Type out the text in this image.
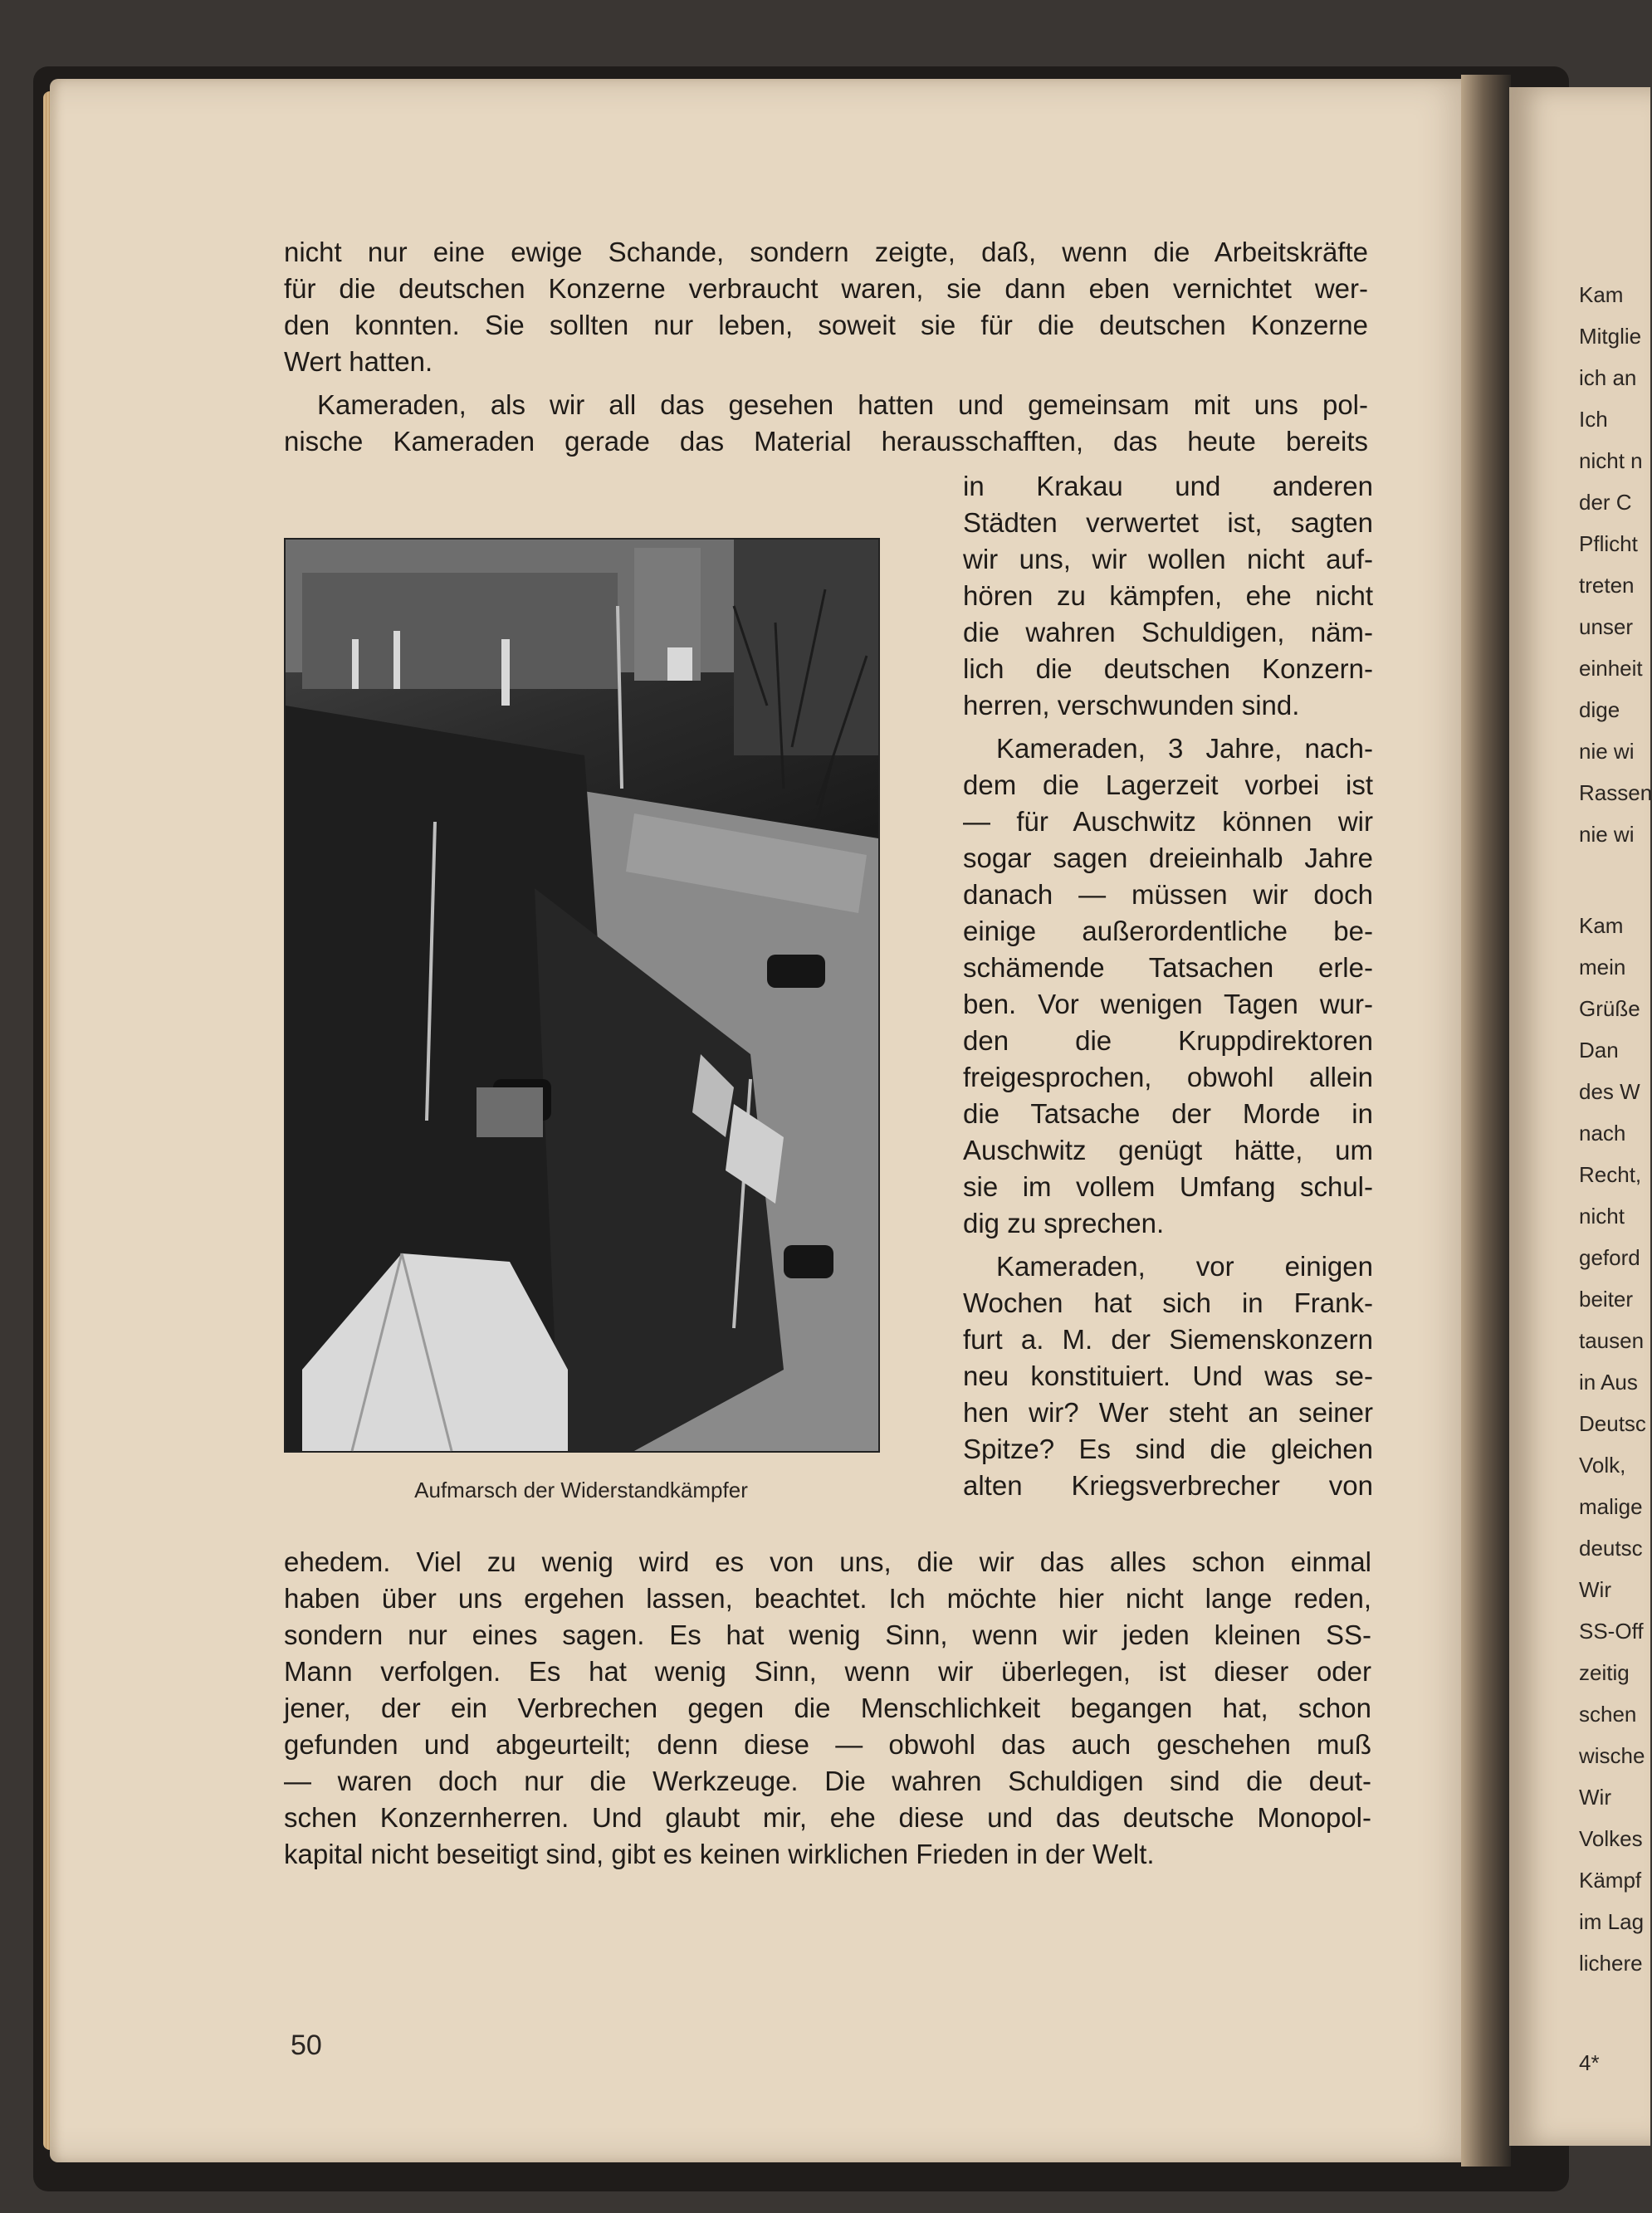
Kam
Mitglie
ich an
Ich
nicht n
der C
Pflicht
treten
unser
einheit
dige
nie wi
Rassen
nie wi
Kam
mein
Grüße
Dan
des W
nach
Recht,
nicht
geford
beiter
tausen
in Aus
Deutsc
Volk,
malige
deutsc
Wir
SS-Off
zeitig
schen
wische
Wir
Volkes
Kämpf
im Lag
lichere
4*
nicht nur eine ewige Schande, sondern zeigte, daß, wenn die Arbeitskräfte
für die deutschen Konzerne verbraucht waren, sie dann eben vernichtet wer-
den konnten. Sie sollten nur leben, soweit sie für die deutschen Konzerne
Wert hatten.
Kameraden, als wir all das gesehen hatten und gemeinsam mit uns pol-
nische Kameraden gerade das Material herausschafften, das heute bereits
in Krakau und anderen
Städten verwertet ist, sagten
wir uns, wir wollen nicht auf-
hören zu kämpfen, ehe nicht
die wahren Schuldigen, näm-
lich die deutschen Konzern-
herren, verschwunden sind.
Kameraden, 3 Jahre, nach-
dem die Lagerzeit vorbei ist
— für Auschwitz können wir
sogar sagen dreieinhalb Jahre
danach — müssen wir doch
einige außerordentliche be-
schämende Tatsachen erle-
ben. Vor wenigen Tagen wur-
den die Kruppdirektoren
freigesprochen, obwohl allein
die Tatsache der Morde in
Auschwitz genügt hätte, um
sie im vollem Umfang schul-
dig zu sprechen.
Kameraden, vor einigen
Wochen hat sich in Frank-
furt a. M. der Siemenskonzern
neu konstituiert. Und was se-
hen wir? Wer steht an seiner
Spitze? Es sind die gleichen
alten Kriegsverbrecher von
Aufmarsch der Widerstandkämpfer
ehedem. Viel zu wenig wird es von uns, die wir das alles schon einmal
haben über uns ergehen lassen, beachtet. Ich möchte hier nicht lange reden,
sondern nur eines sagen. Es hat wenig Sinn, wenn wir jeden kleinen SS-
Mann verfolgen. Es hat wenig Sinn, wenn wir überlegen, ist dieser oder
jener, der ein Verbrechen gegen die Menschlichkeit begangen hat, schon
gefunden und abgeurteilt; denn diese — obwohl das auch geschehen muß
— waren doch nur die Werkzeuge. Die wahren Schuldigen sind die deut-
schen Konzernherren. Und glaubt mir, ehe diese und das deutsche Monopol-
kapital nicht beseitigt sind, gibt es keinen wirklichen Frieden in der Welt.
50
